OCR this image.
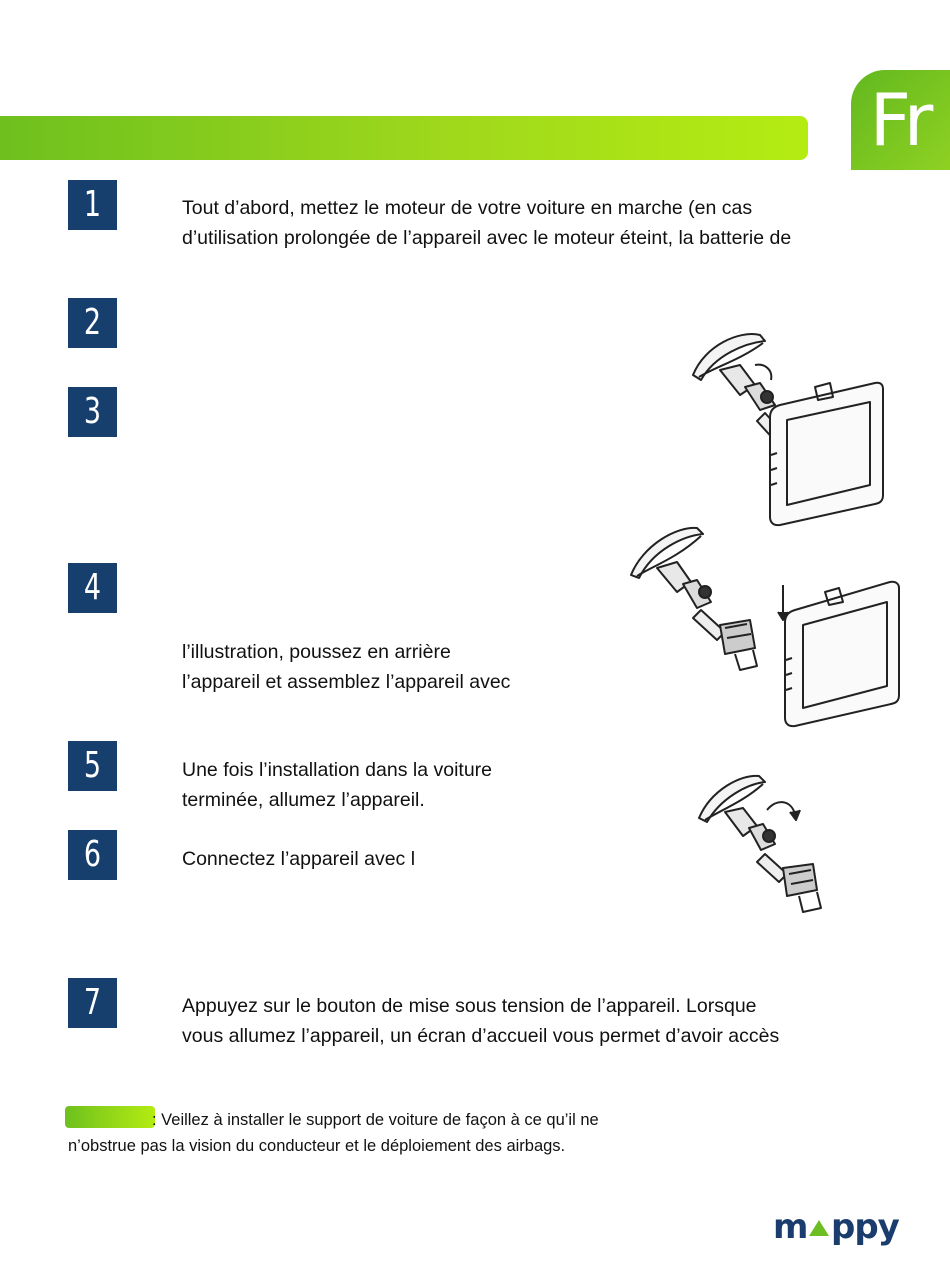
Fr
1
2
3
4
5
6
7
Tout d’abord, mettez le moteur de votre voiture en marche (en cas
d’utilisation prolongée de l’appareil avec le moteur éteint, la batterie de
l’illustration, poussez en arrière
l’appareil et assemblez l’appareil avec
Une fois l’installation dans la voiture
terminée, allumez l’appareil.
Connectez l’appareil avec l
Appuyez sur le bouton de mise sous tension de l’appareil. Lorsque
vous allumez l’appareil, un écran d’accueil vous permet d’avoir accès
: Veillez à installer le support de voiture de façon à ce qu’il ne
n’obstrue pas la vision du conducteur et le déploiement des airbags.
m ppy
